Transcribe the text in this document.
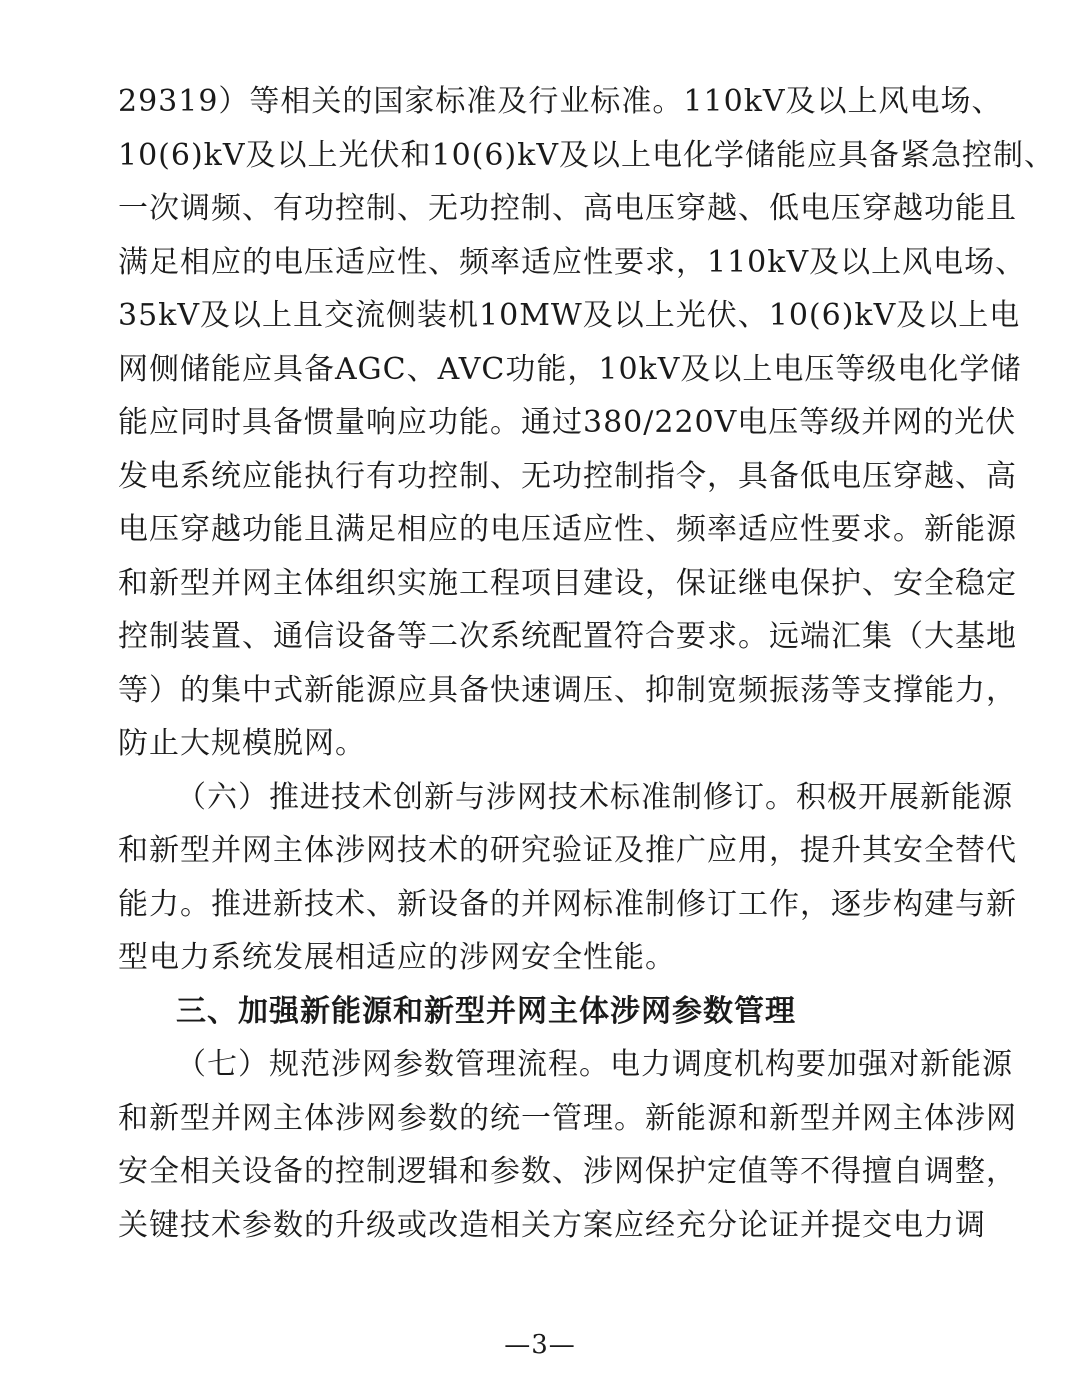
29319）等相关的国家标准及行业标准。110kV及以上风电场、
10(6)kV及以上光伏和10(6)kV及以上电化学储能应具备紧急控制、
一次调频、有功控制、无功控制、高电压穿越、低电压穿越功能且
满足相应的电压适应性、频率适应性要求，110kV及以上风电场、
35kV及以上且交流侧装机10MW及以上光伏、10(6)kV及以上电
网侧储能应具备AGC、AVC功能，10kV及以上电压等级电化学储
能应同时具备惯量响应功能。通过380/220V电压等级并网的光伏
发电系统应能执行有功控制、无功控制指令，具备低电压穿越、高
电压穿越功能且满足相应的电压适应性、频率适应性要求。新能源
和新型并网主体组织实施工程项目建设，保证继电保护、安全稳定
控制装置、通信设备等二次系统配置符合要求。远端汇集（大基地
等）的集中式新能源应具备快速调压、抑制宽频振荡等支撑能力，
防止大规模脱网。
（六）推进技术创新与涉网技术标准制修订。积极开展新能源
和新型并网主体涉网技术的研究验证及推广应用，提升其安全替代
能力。推进新技术、新设备的并网标准制修订工作，逐步构建与新
型电力系统发展相适应的涉网安全性能。
三、加强新能源和新型并网主体涉网参数管理
（七）规范涉网参数管理流程。电力调度机构要加强对新能源
和新型并网主体涉网参数的统一管理。新能源和新型并网主体涉网
安全相关设备的控制逻辑和参数、涉网保护定值等不得擅自调整，
关键技术参数的升级或改造相关方案应经充分论证并提交电力调
—3—
